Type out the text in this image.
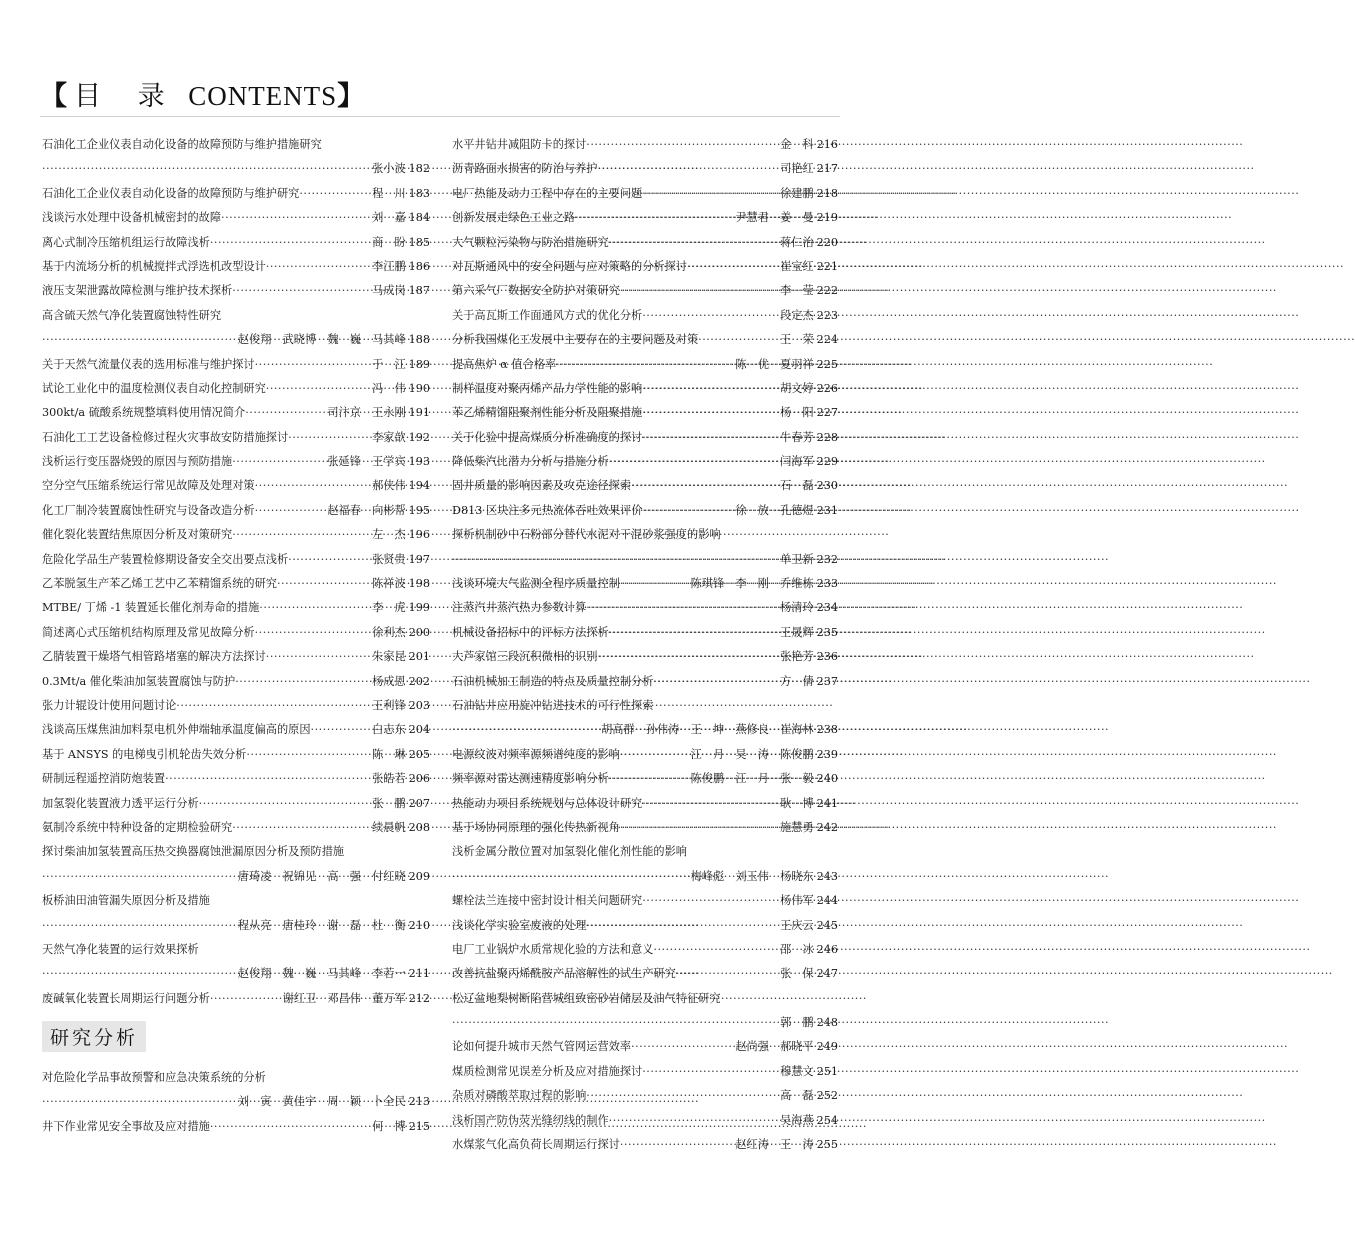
【 目 录 CONTENTS】
石油化工企业仪表自动化设备的故障预防与维护措施研究
·····
张小波 182
石油化工企业仪表自动化设备的故障预防与维护研究 ·····	程　川 183
浅谈污水处理中设备机械密封的故障 ·····	刘　嘉 184
离心式制冷压缩机组运行故障浅析 ·····	商　盼 185
基于内流场分析的机械搅拌式浮选机改型设计 ·····	李江鹏 186
液压支架泄露故障检测与维护技术探析 ·····	马成岗 187
高含硫天然气净化装置腐蚀特性研究
·····
赵俊翔　武晓博　魏　巍　马其峰 188
关于天然气流量仪表的选用标准与维护探讨 ·····	于　江 189
试论工业化中的温度检测仪表自动化控制研究 ·····	冯　伟 190
300kt/a 硫酸系统规整填料使用情况简介 ·····	司汴京　王永刚 191
石油化工工艺设备检修过程火灾事故安防措施探讨 ·····	李家歆 192
浅析运行变压器烧毁的原因与预防措施 ·····	张延锋　王学宾 193
空分空气压缩系统运行常见故障及处理对策 ·····	郝侠伟 194
化工厂制冷装置腐蚀性研究与设备改造分析 ·····	赵福春　向彬帮 195
催化裂化装置结焦原因分析及对策研究 ·····	左　杰 196
危险化学品生产装置检修期设备安全交出要点浅析 ·····	张贤贵 197
乙苯脱氢生产苯乙烯工艺中乙苯精馏系统的研究 ·····	陈祥波 198
MTBE/ 丁烯 -1 装置延长催化剂寿命的措施 ·····	李　虎 199
简述离心式压缩机结构原理及常见故障分析 ·····	徐利杰 200
乙腈装置干燥塔气相管路堵塞的解决方法探讨 ·····	朱家昆 201
0.3Mt/a 催化柴油加氢装置腐蚀与防护 ·····	杨成恩 202
张力计辊设计使用问题讨论 ·····	王利锋 203
浅谈高压煤焦油加料泵电机外伸端轴承温度偏高的原因 ·····	白志东 204
基于 ANSYS 的电梯曳引机轮齿失效分析 ·····	陈　琳 205
研制远程遥控消防炮装置 ·····	张皓若 206
加氢裂化装置液力透平运行分析 ·····	张　鹏 207
氨制冷系统中特种设备的定期检验研究 ·····	续晨帆 208
探讨柴油加氢装置高压热交换器腐蚀泄漏原因分析及预防措施
·····
唐琦凌　祝锦见　高　强　付红晓 209
板桥油田油管漏失原因分析及措施
·····
程从亮　唐桂玲　谢　磊　杜　衡 210
天然气净化装置的运行效果探析
·····
赵俊翔　魏　巍　马其峰　李若一 211
废碱氧化装置长周期运行问题分析 ·····	谢红卫　邓昌伟　董万军 212
研究分析
对危险化学品事故预警和应急决策系统的分析
·····
刘　寅　黄佳宇　周　颖　卜全民 213
井下作业常见安全事故及应对措施 ·····	何　博 215
水平井钻井减阻防卡的探讨 ·····	金　科 216
沥青路面水损害的防治与养护 ·····	司艳红 217
电厂热能及动力工程中存在的主要问题 ·····	徐建鹏 218
创新发展走绿色工业之路 ·····	尹慧君　姜　曼 219
大气颗粒污染物与防治措施研究 ·····	蒋仁治 220
对瓦斯通风中的安全问题与应对策略的分析探讨 ·····	崔宝红 221
第六采气厂数据安全防护对策研究 ·····	李　莹 222
关于高瓦斯工作面通风方式的优化分析 ·····	段定杰 223
分析我国煤化工发展中主要存在的主要问题及对策 ·····	王　荣 224
提高焦炉 α 值合格率 ·····	陈　优　夏羽祥 225
制样温度对聚丙烯产品力学性能的影响 ·····	胡文婷 226
苯乙烯精馏阻聚剂性能分析及阻聚措施 ·····	杨　阳 227
关于化验中提高煤质分析准确度的探讨 ·····	牛春芳 228
降低柴汽比潜力分析与措施分析 ·····	闫海军 229
固井质量的影响因素及攻克途径探索 ·····	石　磊 230
D813 区块注多元热流体吞吐效果评价 ·····	徐　放　孔德煜 231
探析机制砂中石粉部分替代水泥对干混砂浆强度的影响
·····
单卫新 232
浅谈环境大气监测全程序质量控制 ·····	陈琪锋　李　刚　乔维栋 233
注蒸汽井蒸汽热力参数计算 ·····	杨清玲 234
机械设备招标中的评标方法探析 ·····	王晟辉 235
大芦家馆三段沉积微相的识别 ·····	张艳芳 236
石油机械加工制造的特点及质量控制分析 ·····	方　倩 237
石油钻井应用旋冲钻进技术的可行性探索
·····
胡高群　孙伟涛　王　坤　燕修良　崔海林 238
电源纹波对频率源频谱纯度的影响 ·····	江　月　吴　涛　陈俊鹏 239
频率源对雷达测速精度影响分析 ·····	陈俊鹏　江　月　张　毅 240
热能动力项目系统规划与总体设计研究 ·····	耿　博 241
基于场协同原理的强化传热新视角 ·····	施慧勇 242
浅析金属分散位置对加氢裂化催化剂性能的影响
·····
梅峰彪　刘玉伟　杨晓东 243
螺栓法兰连接中密封设计相关问题研究 ·····	杨伟军 244
浅谈化学实验室废液的处理 ·····	王庆云 245
电厂工业锅炉水质常规化验的方法和意义 ·····	邵　冰 246
改善抗盐聚丙烯酰胺产品溶解性的试生产研究 ·····	张　保 247
松辽盆地梨树断陷营城组致密砂岩储层及油气特征研究
·····
郭　鹏 248
论如何提升城市天然气管网运营效率 ·····	赵尚强　郝晓平 249
煤质检测常见误差分析及应对措施探讨 ·····	穆慧文 251
杂质对磷酸萃取过程的影响 ·····	高　磊 252
浅析国产防伪荧光缝纫线的制作 ·····	吴海燕 254
水煤浆气化高负荷长周期运行探讨 ·····	赵红涛　王　涛 255
